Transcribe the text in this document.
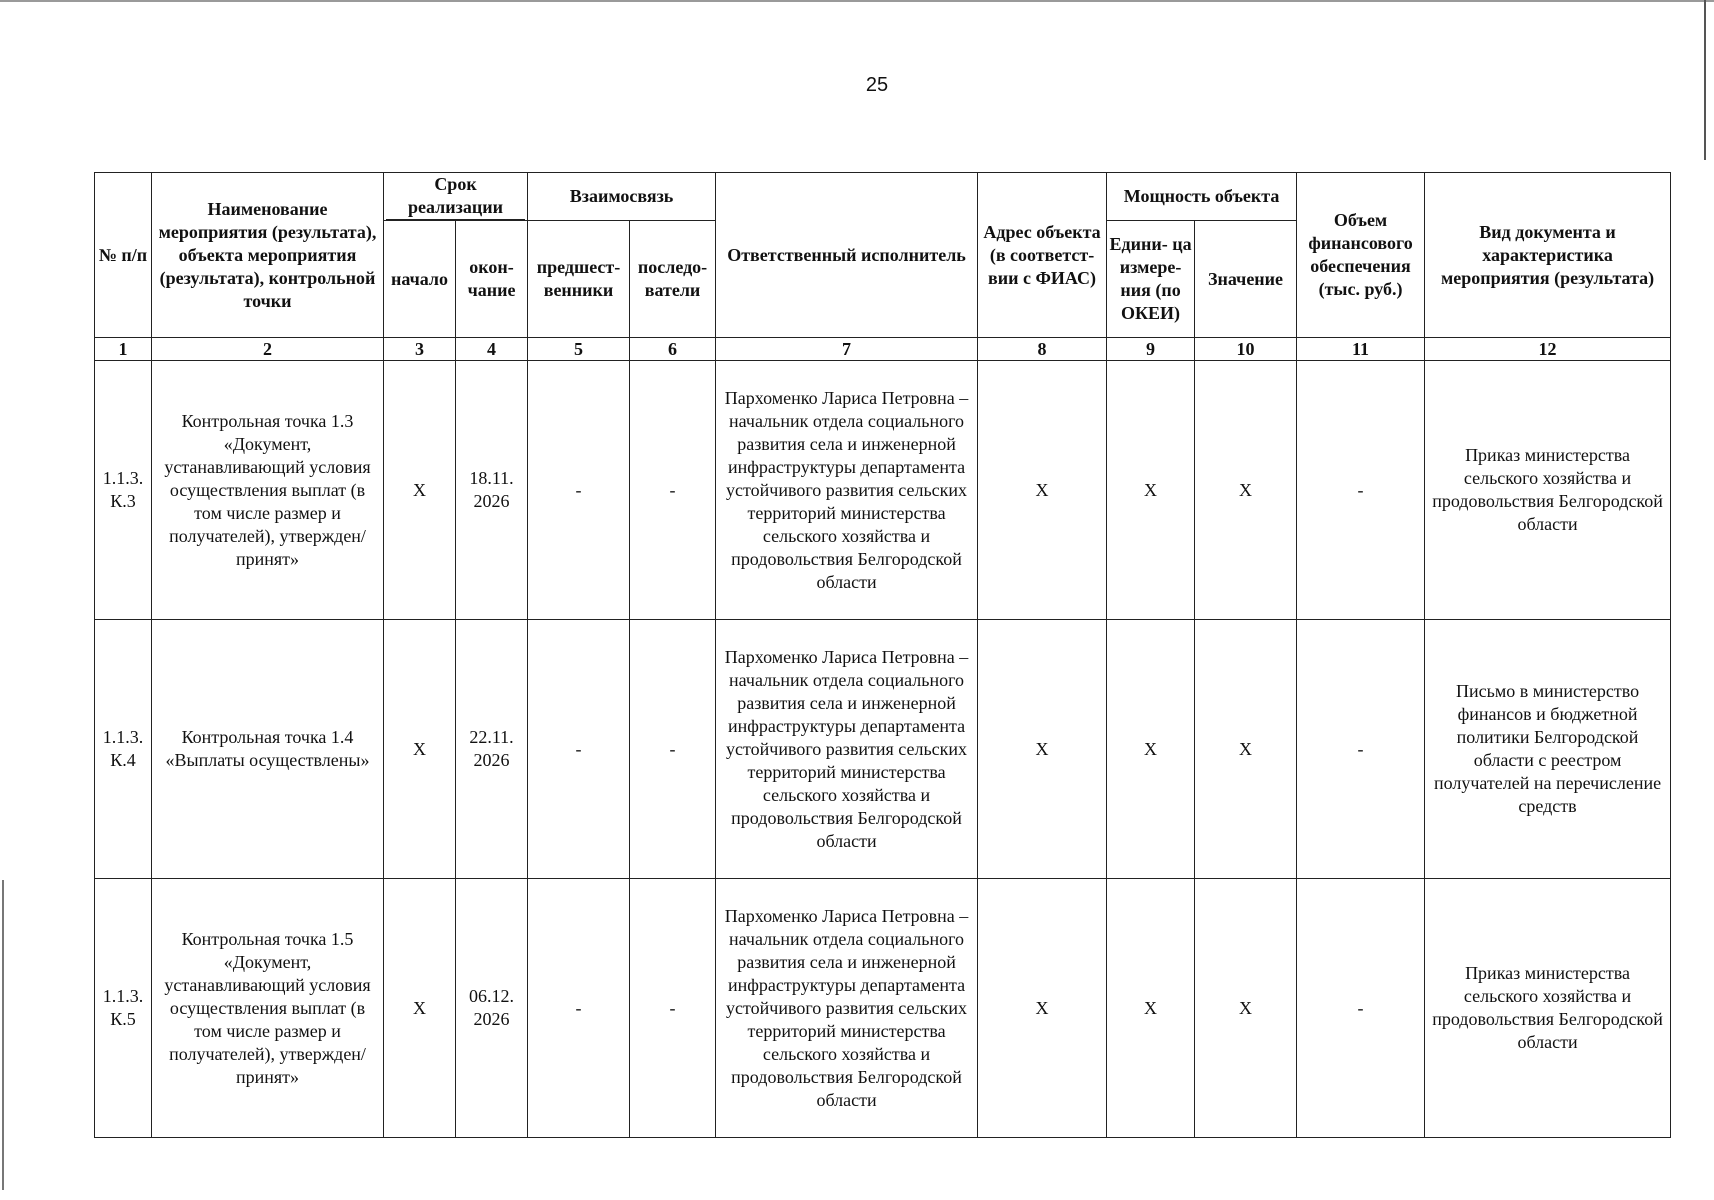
25
№ п/п	Наименование мероприятия (результата), объекта мероприятия (результата), контрольной точки	Срок реализации		Взаимосвязь		Ответственный исполнитель	Адрес объекта (в соответст- вии с ФИАС)	Мощность объекта		Объем финансового обеспечения (тыс. руб.)	Вид документа и характеристика мероприятия (результата)
		начало	окон- чание	предшест- венники	последо- ватели			Едини- ца измере- ния (по ОКЕИ)	Значение		
1	2	3	4	5	6	7	8	9	10	11	12
1.1.3. К.3	Контрольная точка 1.3 «Документ, устанавливающий условия осуществления выплат (в том числе размер и получателей), утвержден/принят»	X	18.11. 2026	-	-	Пархоменко Лариса Петровна – начальник отдела социального развития села и инженерной инфраструктуры департамента устойчивого развития сельских территорий министерства сельского хозяйства и продовольствия Белгородской области	X	X	X	-	Приказ министерства сельского хозяйства и продовольствия Белгородской области
1.1.3. К.4	Контрольная точка 1.4 «Выплаты осуществлены»	X	22.11. 2026	-	-	Пархоменко Лариса Петровна – начальник отдела социального развития села и инженерной инфраструктуры департамента устойчивого развития сельских территорий министерства сельского хозяйства и продовольствия Белгородской области	X	X	X	-	Письмо в министерство финансов и бюджетной политики Белгородской области с реестром получателей на перечисление средств
1.1.3. К.5	Контрольная точка 1.5 «Документ, устанавливающий условия осуществления выплат (в том числе размер и получателей), утвержден/принят»	X	06.12. 2026	-	-	Пархоменко Лариса Петровна – начальник отдела социального развития села и инженерной инфраструктуры департамента устойчивого развития сельских территорий министерства сельского хозяйства и продовольствия Белгородской области	X	X	X	-	Приказ министерства сельского хозяйства и продовольствия Белгородской области
